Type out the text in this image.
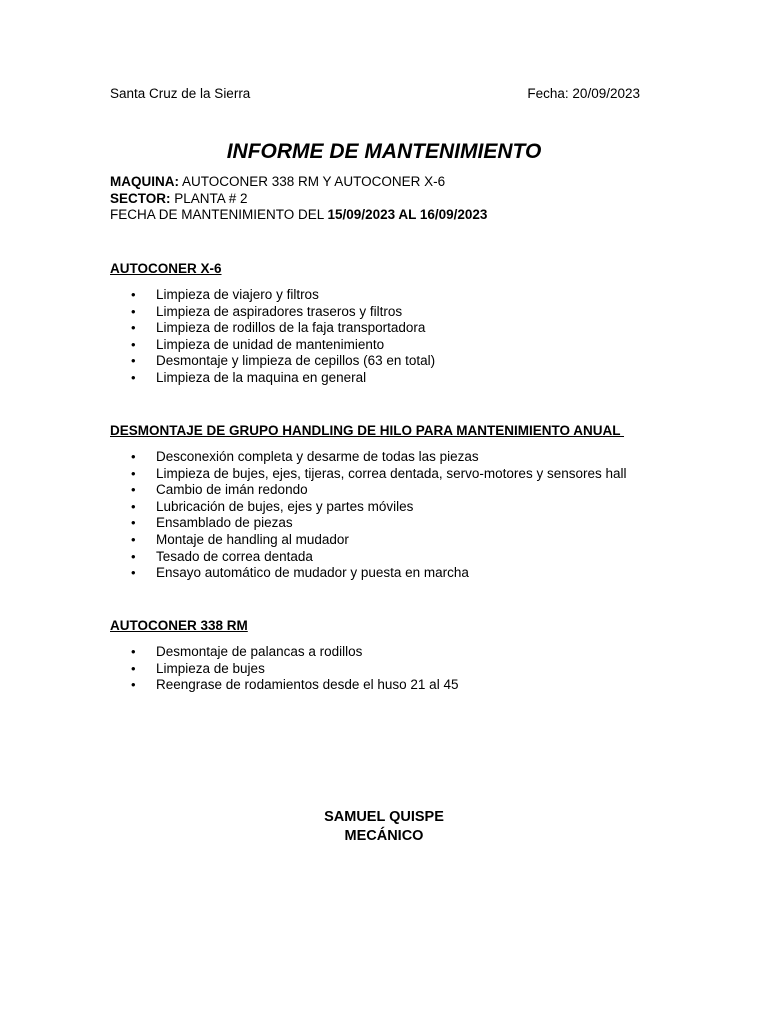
Santa Cruz de la Sierra	Fecha: 20/09/2023
INFORME DE MANTENIMIENTO
MAQUINA: AUTOCONER 338 RM Y AUTOCONER X-6
SECTOR: PLANTA # 2
FECHA DE MANTENIMIENTO DEL 15/09/2023 AL 16/09/2023
AUTOCONER X-6
• Limpieza de viajero y filtros
• Limpieza de aspiradores traseros y filtros
• Limpieza de rodillos de la faja transportadora
• Limpieza de unidad de mantenimiento
• Desmontaje y limpieza de cepillos (63 en total)
• Limpieza de la maquina en general
DESMONTAJE DE GRUPO HANDLING DE HILO PARA MANTENIMIENTO ANUAL
• Desconexión completa y desarme de todas las piezas
• Limpieza de bujes, ejes, tijeras, correa dentada, servo-motores y sensores hall
• Cambio de imán redondo
• Lubricación de bujes, ejes y partes móviles
• Ensamblado de piezas
• Montaje de handling al mudador
• Tesado de correa dentada
• Ensayo automático de mudador y puesta en marcha
AUTOCONER 338 RM
• Desmontaje de palancas a rodillos
• Limpieza de bujes
• Reengrase de rodamientos desde el huso 21 al 45
SAMUEL QUISPE
MECÁNICO
